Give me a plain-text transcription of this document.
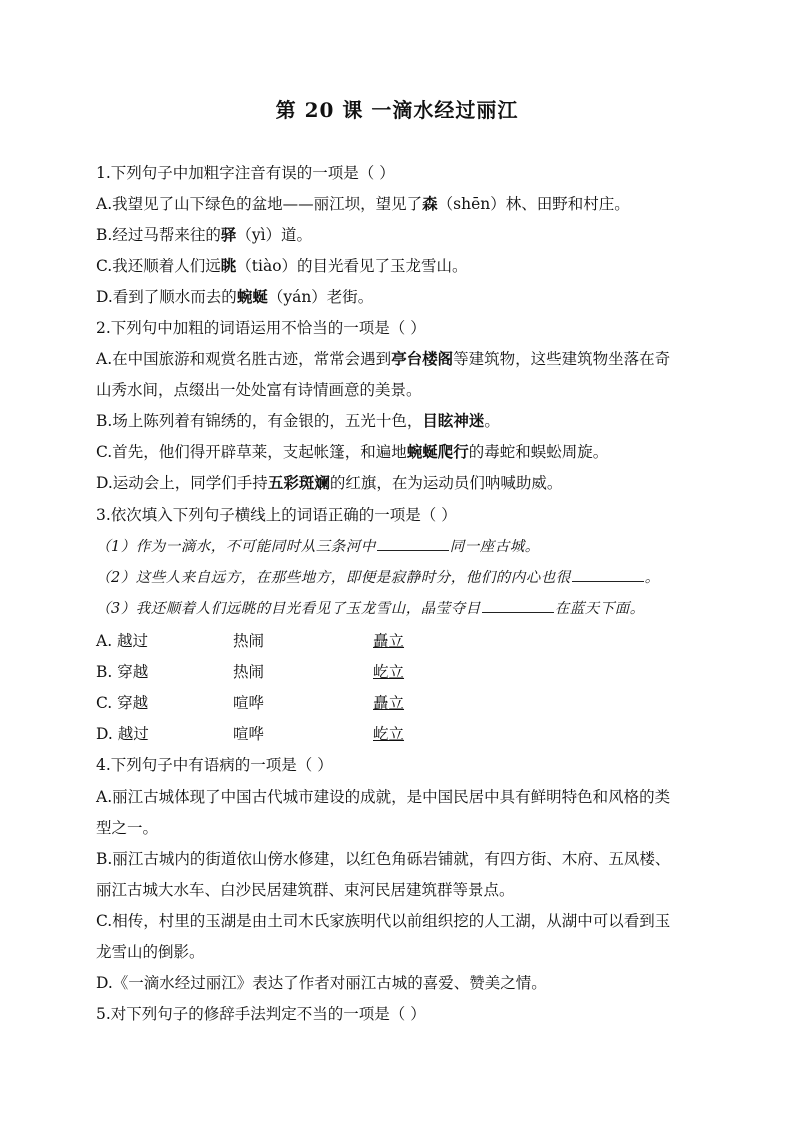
第 20 课 一滴水经过丽江
1.下列句子中加粗字注音有误的一项是（ ）
A.我望见了山下绿色的盆地——丽江坝，望见了森（shēn）林、田野和村庄。
B.经过马帮来往的驿（yì）道。
C.我还顺着人们远眺（tiào）的目光看见了玉龙雪山。
D.看到了顺水而去的蜿蜒（yán）老街。
2.下列句中加粗的词语运用不恰当的一项是（ ）
A.在中国旅游和观赏名胜古迹，常常会遇到亭台楼阁等建筑物，这些建筑物坐落在奇
山秀水间，点缀出一处处富有诗情画意的美景。
B.场上陈列着有锦绣的，有金银的，五光十色，目眩神迷。
C.首先，他们得开辟草莱，支起帐篷，和遍地蜿蜒爬行的毒蛇和蜈蚣周旋。
D.运动会上，同学们手持五彩斑斓的红旗，在为运动员们呐喊助威。
3.依次填入下列句子横线上的词语正确的一项是（ ）
（1）作为一滴水，不可能同时从三条河中	同一座古城。
（2）这些人来自远方，在那些地方，即便是寂静时分，他们的内心也很	。
（3）我还顺着人们远眺的目光看见了玉龙雪山，晶莹夺目	在蓝天下面。
A. 越过	热闹	矗立
B. 穿越	热闹	屹立
C. 穿越	喧哗	矗立
D. 越过	喧哗	屹立
4.下列句子中有语病的一项是（ ）
A.丽江古城体现了中国古代城市建设的成就，是中国民居中具有鲜明特色和风格的类
型之一。
B.丽江古城内的街道依山傍水修建，以红色角砾岩铺就，有四方街、木府、五凤楼、
丽江古城大水车、白沙民居建筑群、束河民居建筑群等景点。
C.相传，村里的玉湖是由土司木氏家族明代以前组织挖的人工湖，从湖中可以看到玉
龙雪山的倒影。
D.《一滴水经过丽江》表达了作者对丽江古城的喜爱、赞美之情。
5.对下列句子的修辞手法判定不当的一项是（ ）
